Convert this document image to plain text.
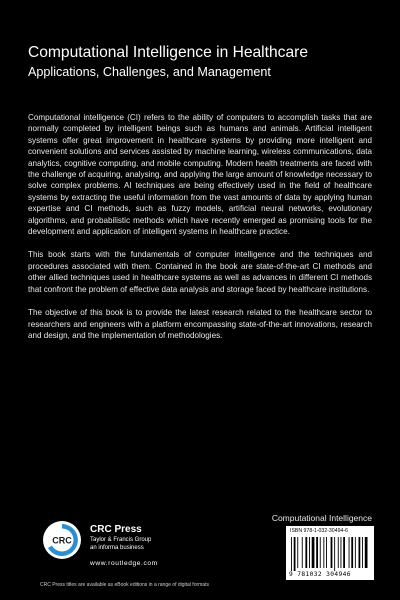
Computational Intelligence in Healthcare
Applications, Challenges, and Management

Computational intelligence (CI) refers to the ability of computers to accomplish tasks that are normally completed by intelligent beings such as humans and animals. Artificial intelligent systems offer great improvement in healthcare systems by providing more intelligent and convenient solutions and services assisted by machine learning, wireless communications, data analytics, cognitive computing, and mobile computing. Modern health treatments are faced with the challenge of acquiring, analysing, and applying the large amount of knowledge necessary to solve complex problems. AI techniques are being effectively used in the field of healthcare systems by extracting the useful information from the vast amounts of data by applying human expertise and CI methods, such as fuzzy models, artificial neural networks, evolutionary algorithms, and probabilistic methods which have recently emerged as promising tools for the development and application of intelligent systems in healthcare practice.

This book starts with the fundamentals of computer intelligence and the techniques and procedures associated with them. Contained in the book are state-of-the-art CI methods and other allied techniques used in healthcare systems as well as advances in different CI methods that confront the problem of effective data analysis and storage faced by healthcare institutions.

The objective of this book is to provide the latest research related to the healthcare sector to researchers and engineers with a platform encompassing state-of-the-art innovations, research and design, and the implementation of methodologies.

Computational Intelligence
CRC
CRC Press
Taylor & Francis Group
an informa business
www.routledge.com
CRC Press titles are available as eBook editions in a range of digital formats
ISBN 978-1-032-30494-6
9 781032 304946
